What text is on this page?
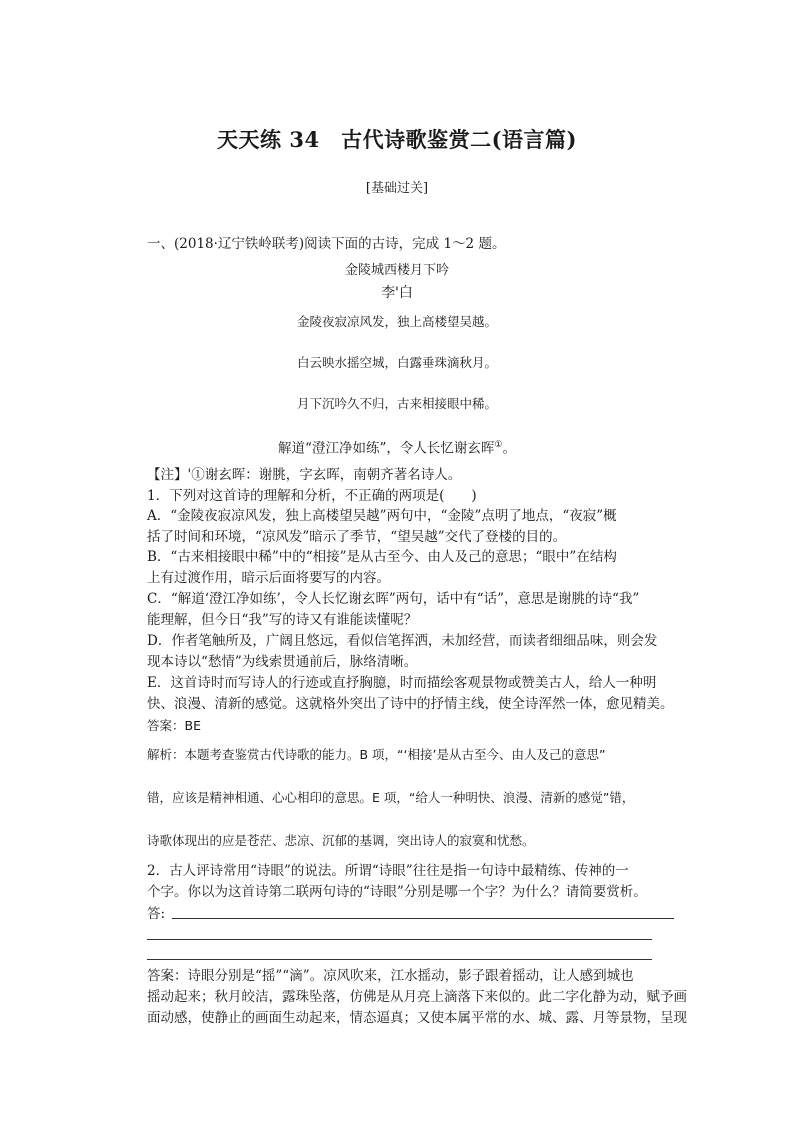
天天练 34　古代诗歌鉴赏二(语言篇)
[基础过关]
一、(2018·辽宁铁岭联考)阅读下面的古诗，完成 1～2 题。
金陵城西楼月下吟
李'白
金陵夜寂凉风发，独上高楼望吴越。
白云映水摇空城，白露垂珠滴秋月。
月下沉吟久不归，古来相接眼中稀。
解道“澄江净如练”，令人长忆谢玄晖①。
【注】'①谢玄晖：谢朓，字玄晖，南朝齐著名诗人。
1．下列对这首诗的理解和分析，不正确的两项是(　　)
A．“金陵夜寂凉风发，独上高楼望吴越”两句中，“金陵”点明了地点，“夜寂”概
括了时间和环境，“凉风发”暗示了季节，“望吴越”交代了登楼的目的。
B．“古来相接眼中稀”中的“相接”是从古至今、由人及己的意思；“眼中”在结构
上有过渡作用，暗示后面将要写的内容。
C．“解道‘澄江净如练’，令人长忆谢玄晖”两句，话中有“话”，意思是谢朓的诗“我”
能理解，但今日“我”写的诗又有谁能读懂呢？
D．作者笔触所及，广阔且悠远，看似信笔挥洒，未加经营，而读者细细品味，则会发
现本诗以“愁情”为线索贯通前后，脉络清晰。
E．这首诗时而写诗人的行迹或直抒胸臆，时而描绘客观景物或赞美古人，给人一种明
快、浪漫、清新的感觉。这就格外突出了诗中的抒情主线，使全诗浑然一体，愈见精美。
答案：BE
解析：本题考查鉴赏古代诗歌的能力。B 项，“‘相接’是从古至今、由人及己的意思”
错，应该是精神相通、心心相印的意思。E 项，“给人一种明快、浪漫、清新的感觉”错，
诗歌体现出的应是苍茫、悲凉、沉郁的基调，突出诗人的寂寞和忧愁。
2．古人评诗常用“诗眼”的说法。所谓“诗眼”往往是指一句诗中最精练、传神的一
个字。你以为这首诗第二联两句诗的“诗眼”分别是哪一个字？为什么？请简要赏析。
答:
答案：诗眼分别是“摇”“滴”。凉风吹来，江水摇动，影子跟着摇动，让人感到城也
摇动起来；秋月皎洁，露珠坠落，仿佛是从月亮上滴落下来似的。此二字化静为动，赋予画
面动感，使静止的画面生动起来，情态逼真；又使本属平常的水、城、露、月等景物，呈现
